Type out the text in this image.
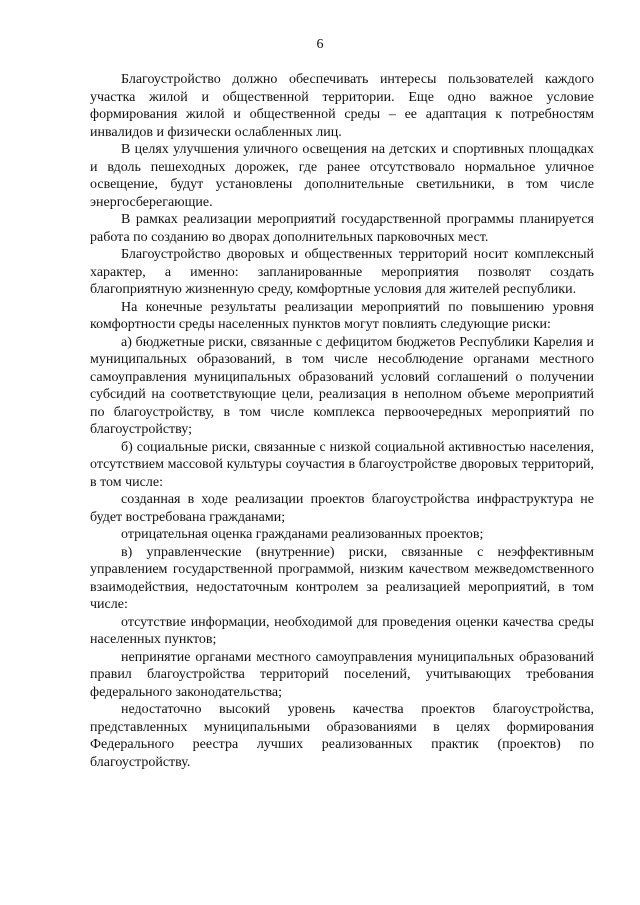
6

Благоустройство должно обеспечивать интересы пользователей каждого участка жилой и общественной территории. Еще одно важное условие формирования жилой и общественной среды – ее адаптация к потребностям инвалидов и физически ослабленных лиц.

В целях улучшения уличного освещения на детских и спортивных площадках и вдоль пешеходных дорожек, где ранее отсутствовало нормальное уличное освещение, будут установлены дополнительные светильники, в том числе энергосберегающие.

В рамках реализации мероприятий государственной программы планируется работа по созданию во дворах дополнительных парковочных мест.

Благоустройство дворовых и общественных территорий носит комплексный характер, а именно: запланированные мероприятия позволят создать благоприятную жизненную среду, комфортные условия для жителей республики.

На конечные результаты реализации мероприятий по повышению уровня комфортности среды населенных пунктов могут повлиять следующие риски:

а) бюджетные риски, связанные с дефицитом бюджетов Республики Карелия и муниципальных образований, в том числе несоблюдение органами местного самоуправления муниципальных образований условий соглашений о получении субсидий на соответствующие цели, реализация в неполном объеме мероприятий по благоустройству, в том числе комплекса первоочередных мероприятий по благоустройству;

б) социальные риски, связанные с низкой социальной активностью населения, отсутствием массовой культуры соучастия в благоустройстве дворовых территорий, в том числе:

созданная в ходе реализации проектов благоустройства инфраструктура не будет востребована гражданами;

отрицательная оценка гражданами реализованных проектов;

в) управленческие (внутренние) риски, связанные с неэффективным управлением государственной программой, низким качеством межведомственного взаимодействия, недостаточным контролем за реализацией мероприятий, в том числе:

отсутствие информации, необходимой для проведения оценки качества среды населенных пунктов;

непринятие органами местного самоуправления муниципальных образований правил благоустройства территорий поселений, учитывающих требования федерального законодательства;

недостаточно высокий уровень качества проектов благоустройства, представленных муниципальными образованиями в целях формирования Федерального реестра лучших реализованных практик (проектов) по благоустройству.
